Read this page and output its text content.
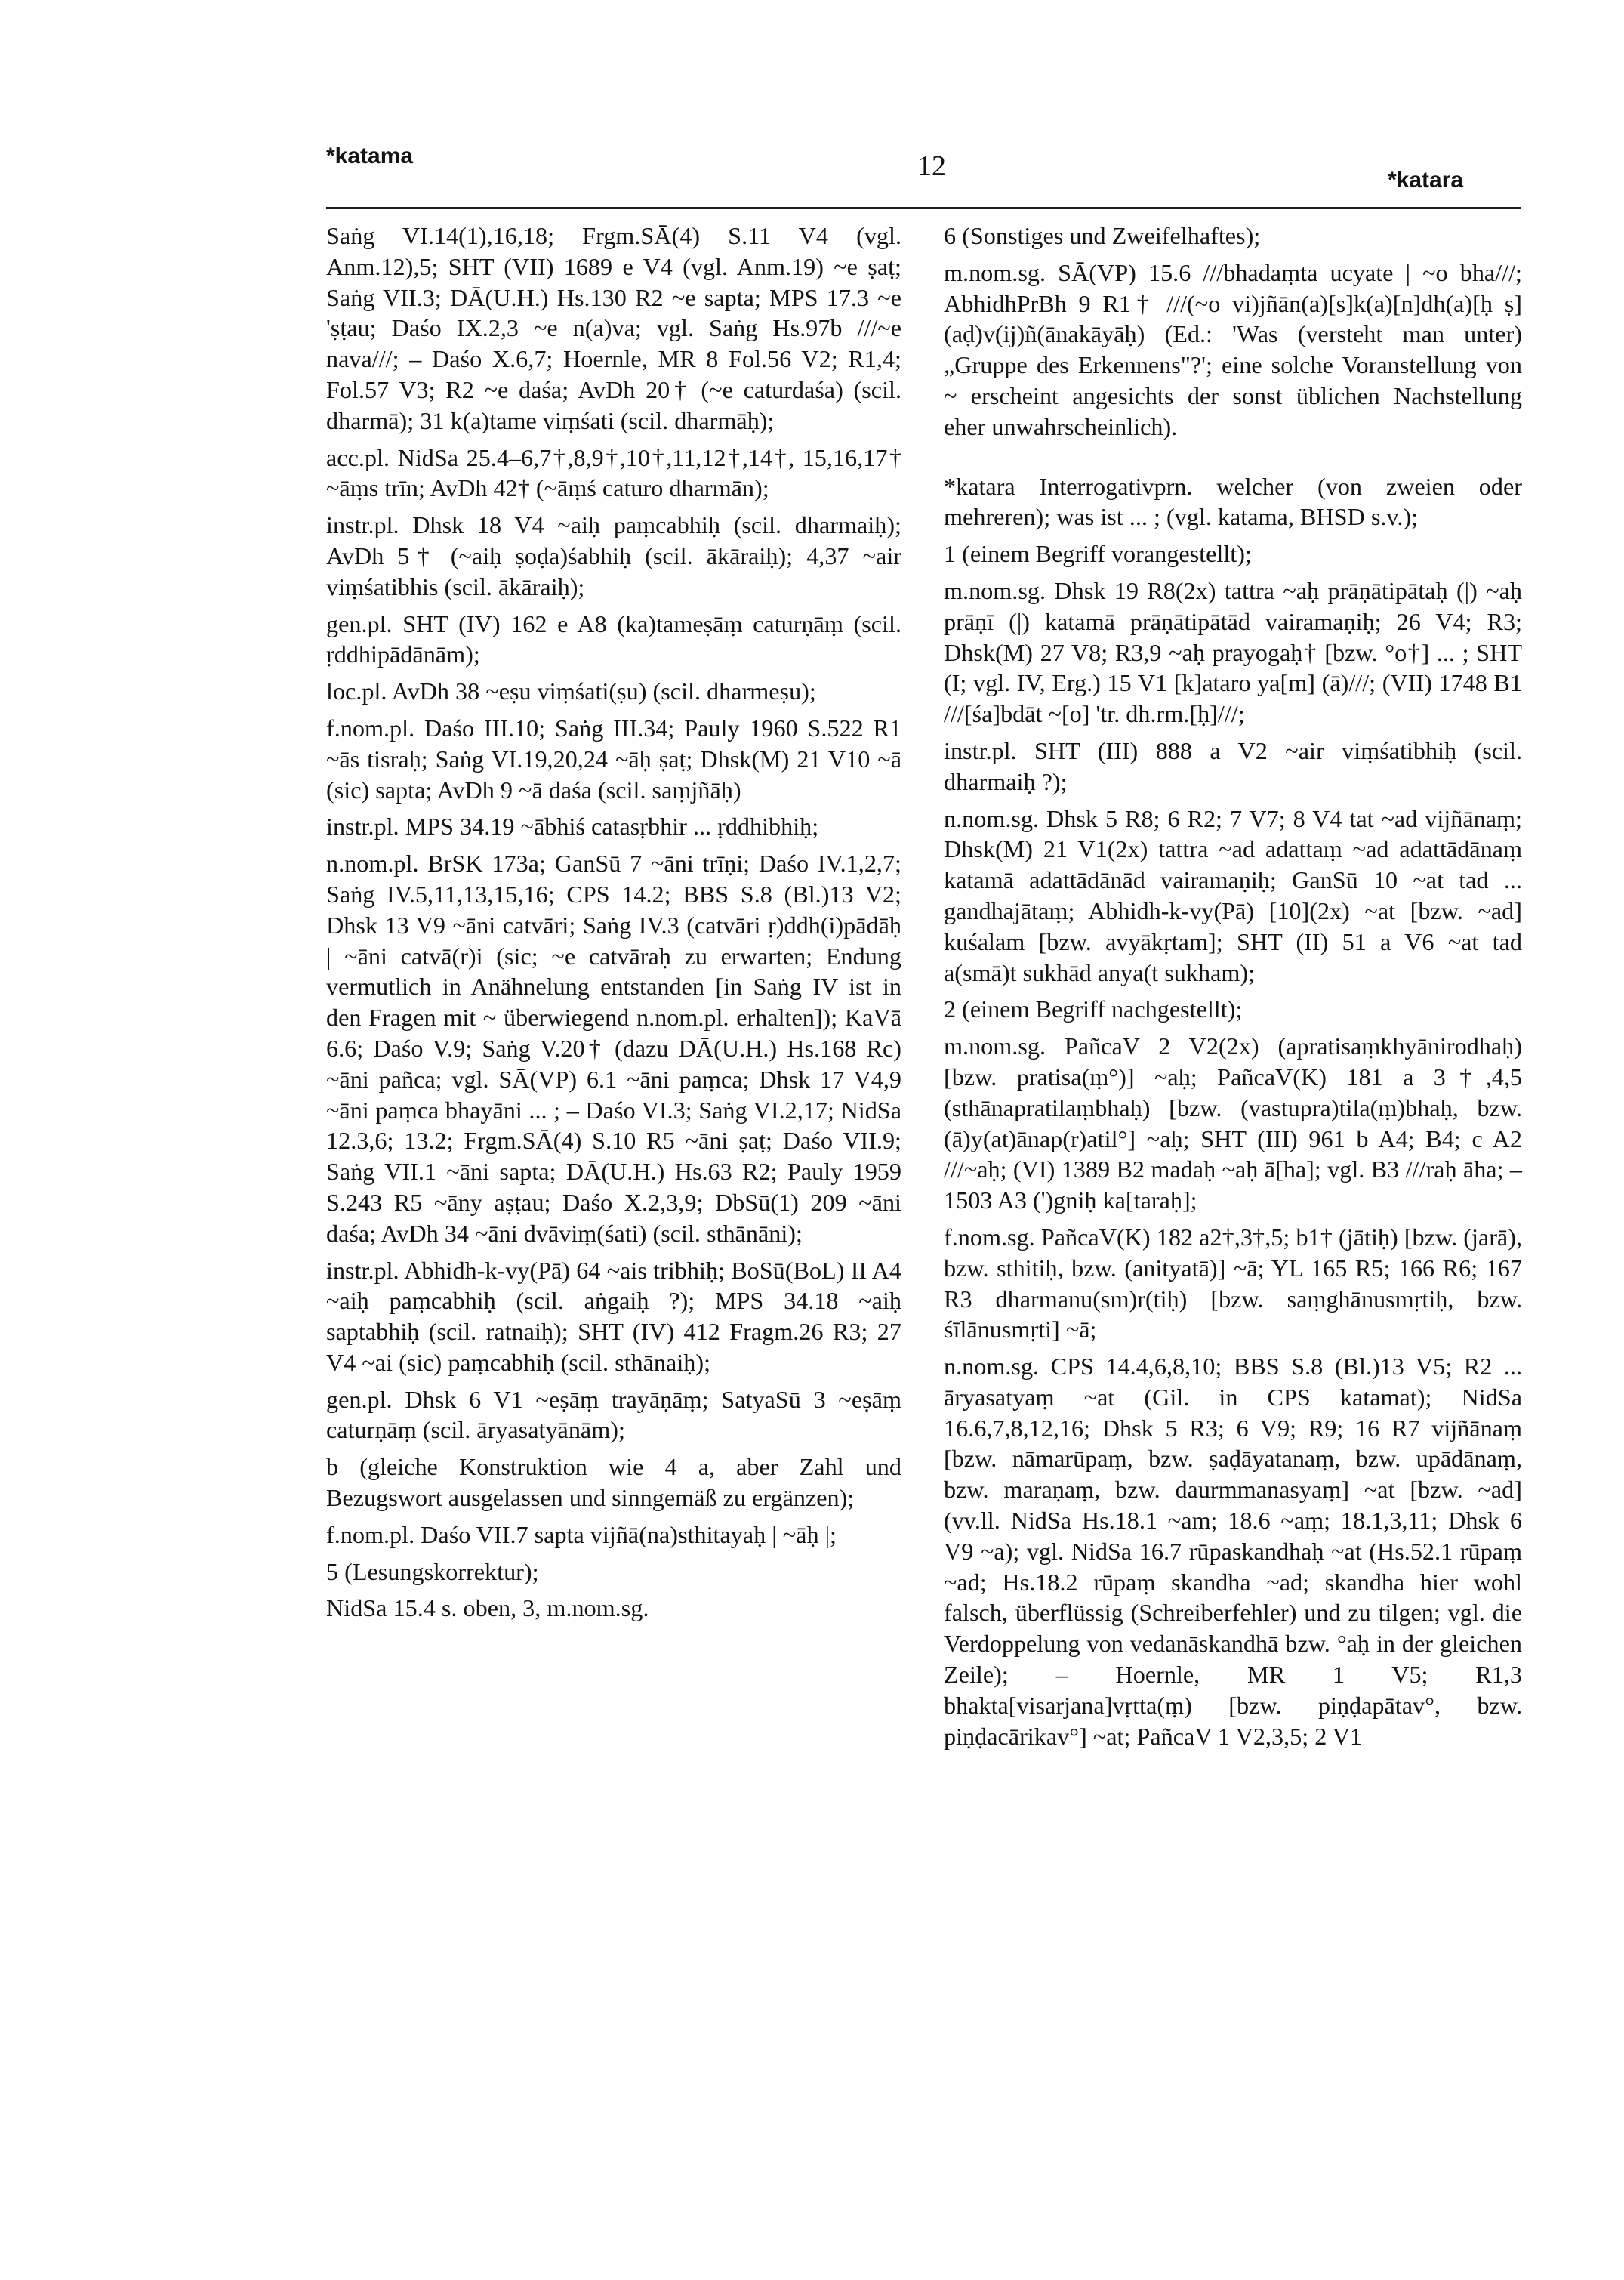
*katama	12	*katara

Saṅg VI.14(1),16,18; Frgm.SĀ(4) S.11 V4 (vgl. Anm.12),5; SHT (VII) 1689 e V4 (vgl. Anm.19) ~e ṣaṭ; Saṅg VII.3; DĀ(U.H.) Hs.130 R2 ~e sapta; MPS 17.3 ~e 'ṣṭau; Daśo IX.2,3 ~e n(a)va; vgl. Saṅg Hs.97b ///~e nava///; – Daśo X.6,7; Hoernle, MR 8 Fol.56 V2; R1,4; Fol.57 V3; R2 ~e daśa; AvDh 20† (~e caturdaśa) (scil. dharmā); 31 k(a)tame viṃśati (scil. dharmāḥ);

acc.pl. NidSa 25.4–6,7†,8,9†,10†,11,12†,14†, 15,16,17† ~āṃs trīn; AvDh 42† (~āṃś caturo dharmān);

instr.pl. Dhsk 18 V4 ~aiḥ paṃcabhiḥ (scil. dharmaiḥ); AvDh 5† (~aiḥ ṣoḍa)śabhiḥ (scil. ākāraiḥ); 4,37 ~air viṃśatibhis (scil. ākāraiḥ);

gen.pl. SHT (IV) 162 e A8 (ka)tameṣāṃ caturṇāṃ (scil. ṛddhipādānām);

loc.pl. AvDh 38 ~eṣu viṃśati(ṣu) (scil. dharmeṣu);

f.nom.pl. Daśo III.10; Saṅg III.34; Pauly 1960 S.522 R1 ~ās tisraḥ; Saṅg VI.19,20,24 ~āḥ ṣaṭ; Dhsk(M) 21 V10 ~ā (sic) sapta; AvDh 9 ~ā daśa (scil. saṃjñāḥ)

instr.pl. MPS 34.19 ~ābhiś catasṛbhir ... ṛddhibhiḥ;

n.nom.pl. BrSK 173a; GanSū 7 ~āni trīṇi; Daśo IV.1,2,7; Saṅg IV.5,11,13,15,16; CPS 14.2; BBS S.8 (Bl.)13 V2; Dhsk 13 V9 ~āni catvāri; Saṅg IV.3 (catvāri ṛ)ddh(i)pādāḥ | ~āni catvā(r)i (sic; ~e catvāraḥ zu erwarten; Endung vermutlich in Anähnelung entstanden [in Saṅg IV ist in den Fragen mit ~ überwiegend n.nom.pl. erhalten]); KaVā 6.6; Daśo V.9; Saṅg V.20† (dazu DĀ(U.H.) Hs.168 Rc) ~āni pañca; vgl. SĀ(VP) 6.1 ~āni paṃca; Dhsk 17 V4,9 ~āni paṃca bhayāni ... ; – Daśo VI.3; Saṅg VI.2,17; NidSa 12.3,6; 13.2; Frgm.SĀ(4) S.10 R5 ~āni ṣaṭ; Daśo VII.9; Saṅg VII.1 ~āni sapta; DĀ(U.H.) Hs.63 R2; Pauly 1959 S.243 R5 ~āny aṣṭau; Daśo X.2,3,9; DbSū(1) 209 ~āni daśa; AvDh 34 ~āni dvāviṃ(śati) (scil. sthānāni);

instr.pl. Abhidh-k-vy(Pā) 64 ~ais tribhiḥ; BoSū(BoL) II A4 ~aiḥ paṃcabhiḥ (scil. aṅgaiḥ ?); MPS 34.18 ~aiḥ saptabhiḥ (scil. ratnaiḥ); SHT (IV) 412 Fragm.26 R3; 27 V4 ~ai (sic) paṃcabhiḥ (scil. sthānaiḥ);

gen.pl. Dhsk 6 V1 ~eṣāṃ trayāṇāṃ; SatyaSū 3 ~eṣāṃ caturṇāṃ (scil. āryasatyānām);

b (gleiche Konstruktion wie 4 a, aber Zahl und Bezugswort ausgelassen und sinngemäß zu ergänzen);

f.nom.pl. Daśo VII.7 sapta vijñā(na)sthitayaḥ | ~āḥ |;

5 (Lesungskorrektur);

NidSa 15.4 s. oben, 3, m.nom.sg.

6 (Sonstiges und Zweifelhaftes);

m.nom.sg. SĀ(VP) 15.6 ///bhadaṃta ucyate | ~o bha///; AbhidhPrBh 9 R1† ///(~o vi)jñān(a)[s]k(a)[n]dh(a)[ḥ ṣ](aḍ)v(ij)ñ(ānakāyāḥ) (Ed.: 'Was (versteht man unter) „Gruppe des Erkennens"?'; eine solche Voranstellung von ~ erscheint angesichts der sonst üblichen Nachstellung eher unwahrscheinlich).

*katara Interrogativprn. welcher (von zweien oder mehreren); was ist ... ; (vgl. katama, BHSD s.v.);

1 (einem Begriff vorangestellt);

m.nom.sg. Dhsk 19 R8(2x) tattra ~aḥ prāṇātipātaḥ (|) ~aḥ prāṇī (|) katamā prāṇātipātād vairamaṇiḥ; 26 V4; R3; Dhsk(M) 27 V8; R3,9 ~aḥ prayogaḥ† [bzw. °o†] ... ; SHT (I; vgl. IV, Erg.) 15 V1 [k]ataro ya[m] (ā)///; (VII) 1748 B1 ///[śa]bdāt ~[o] 'tr. dh.rm.[ḥ]///;

instr.pl. SHT (III) 888 a V2 ~air viṃśatibhiḥ (scil. dharmaiḥ ?);

n.nom.sg. Dhsk 5 R8; 6 R2; 7 V7; 8 V4 tat ~ad vijñānaṃ; Dhsk(M) 21 V1(2x) tattra ~ad adattaṃ ~ad adattādānaṃ katamā adattādānād vairamaṇiḥ; GanSū 10 ~at tad ... gandhajātaṃ; Abhidh-k-vy(Pā) [10](2x) ~at [bzw. ~ad] kuśalam [bzw. avyākṛtam]; SHT (II) 51 a V6 ~at tad a(smā)t sukhād anya(t sukham);

2 (einem Begriff nachgestellt);

m.nom.sg. PañcaV 2 V2(2x) (apratisaṃkhyānirodhaḥ) [bzw. pratisa(ṃ°)] ~aḥ; PañcaV(K) 181 a 3†,4,5 (sthānapratilaṃbhaḥ) [bzw. (vastupra)tila(ṃ)bhaḥ, bzw. (ā)y(at)ānap(r)atil°] ~aḥ; SHT (III) 961 b A4; B4; c A2 ///~aḥ; (VI) 1389 B2 madaḥ ~aḥ ā[ha]; vgl. B3 ///raḥ āha; – 1503 A3 (')gniḥ ka[taraḥ];

f.nom.sg. PañcaV(K) 182 a2†,3†,5; b1† (jātiḥ) [bzw. (jarā), bzw. sthitiḥ, bzw. (anityatā)] ~ā; YL 165 R5; 166 R6; 167 R3 dharmanu(sm)r(tiḥ) [bzw. saṃghānusmṛtiḥ, bzw. śīlānusmṛti] ~ā;

n.nom.sg. CPS 14.4,6,8,10; BBS S.8 (Bl.)13 V5; R2 ... āryasatyaṃ ~at (Gil. in CPS katamat); NidSa 16.6,7,8,12,16; Dhsk 5 R3; 6 V9; R9; 16 R7 vijñānaṃ [bzw. nāmarūpaṃ, bzw. ṣaḍāyatanaṃ, bzw. upādānaṃ, bzw. maraṇaṃ, bzw. daurmmanasyaṃ] ~at [bzw. ~ad] (vv.ll. NidSa Hs.18.1 ~am; 18.6 ~aṃ; 18.1,3,11; Dhsk 6 V9 ~a); vgl. NidSa 16.7 rūpaskandhaḥ ~at (Hs.52.1 rūpaṃ ~ad; Hs.18.2 rūpaṃ skandha ~ad; skandha hier wohl falsch, überflüssig (Schreiberfehler) und zu tilgen; vgl. die Verdoppelung von vedanāskandhā bzw. °aḥ in der gleichen Zeile); – Hoernle, MR 1 V5; R1,3 bhakta[visarjana]vṛtta(ṃ) [bzw. piṇḍapātav°, bzw. piṇḍacārikav°] ~at; PañcaV 1 V2,3,5; 2 V1
